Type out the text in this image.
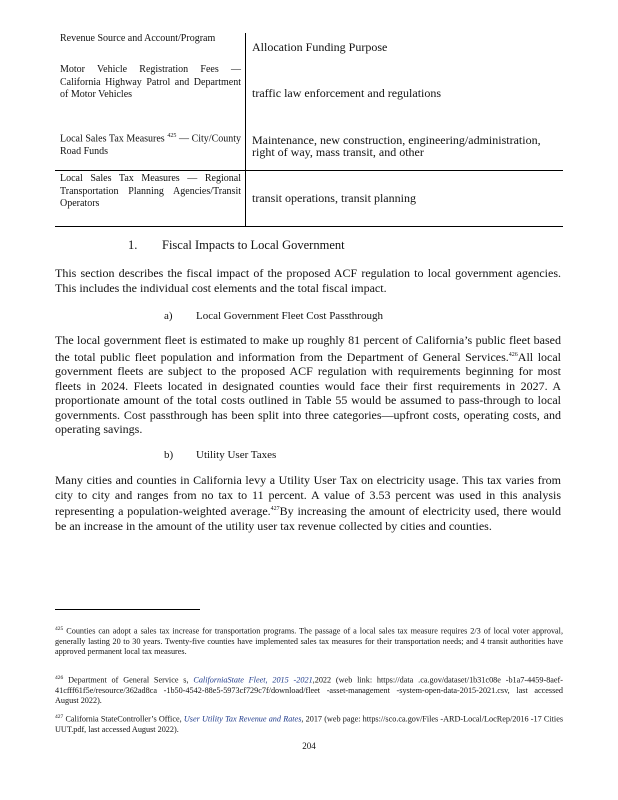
Revenue Source and Account/Program
Allocation Funding Purpose
Motor Vehicle Registration Fees —California Highway Patrol and Department of Motor Vehicles	traffic law enforcement and regulations
Local Sales Tax Measures $^{425}$ — City/County Road Funds
Maintenance, new construction, engineering/administration, right of way, mass transit, and other
Local Sales Tax Measures — Regional Transportation Planning Agencies/Transit Operators	transit operations, transit planning
1. Fiscal Impacts to Local Government
This section describes the fiscal impact of the proposed ACF regulation to local government agencies. This includes the individual cost elements and the total fiscal impact.
a) Local Government Fleet Cost Passthrough
The local government fleet is estimated to make up roughly 81 percent of California’s public fleet based the total public fleet population and information from the Department of General Services.$^{426}$All local government fleets are subject to the proposed ACF regulation with requirements beginning for most fleets in 2024. Fleets located in designated counties would face their first requirements in 2027. A proportionate amount of the total costs outlined in Table 55 would be assumed to pass-through to local governments. Cost passthrough has been split into three categories—upfront costs, operating costs, and operating savings.
b) Utility User Taxes
Many cities and counties in California levy a Utility User Tax on electricity usage. This tax varies from city to city and ranges from no tax to 11 percent. A value of 3.53 percent was used in this analysis representing a population-weighted average.$^{427}$By increasing the amount of electricity used, there would be an increase in the amount of the utility user tax revenue collected by cities and counties.
$^{425}$ Counties can adopt a sales tax increase for transportation programs. The passage of a local sales tax measure requires 2/3 of local voter approval, generally lasting 20 to 30 years. Twenty-five counties have implemented sales tax measures for their transportation needs; and 4 transit authorities have approved permanent local tax measures.
$^{426}$ Department of General Service s, CaliforniaState Fleet, 2015 -2021,2022 (web link: https://data .ca.gov/dataset/1b31c08e -b1a7-4459-8aef-41cfff61f5e/resource/362ad8ca -1b50-4542-88e5-5973cf729c7f/download/fleet -asset-management -system-open-data-2015-2021.csv, last accessed August 2022).
$^{427}$ California StateController’s Office, User Utility Tax Revenue and Rates, 2017 (web page: https://sco.ca.gov/Files -ARD-Local/LocRep/2016 -17 Cities UUT.pdf, last accessed August 2022).
204
